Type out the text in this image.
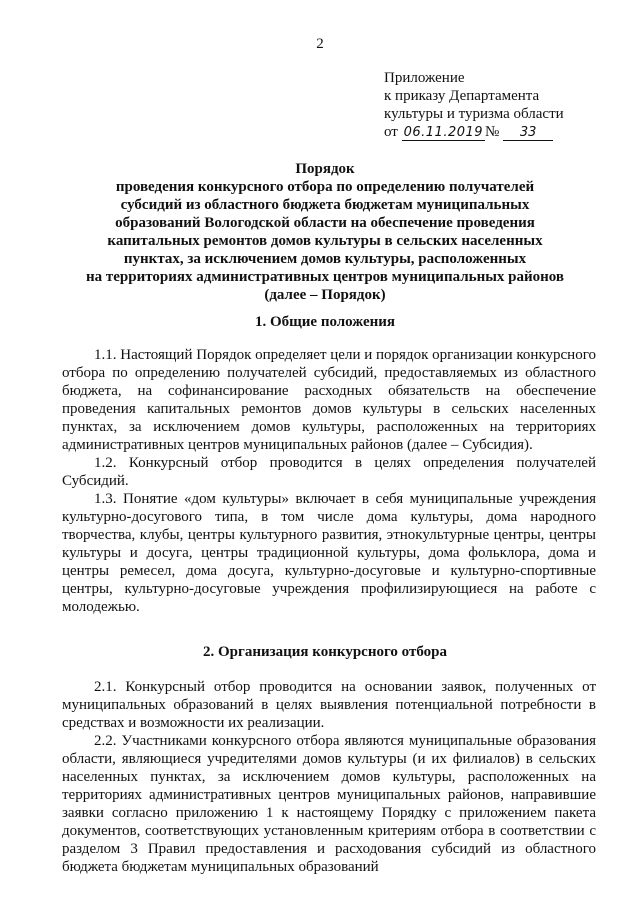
2
Приложение
к приказу Департамента
культуры и туризма области
от 06.11.2019 № 33
Порядок
проведения конкурсного отбора по определению получателей
субсидий из областного бюджета бюджетам муниципальных
образований Вологодской области на обеспечение проведения
капитальных ремонтов домов культуры в сельских населенных
пунктах, за исключением домов культуры, расположенных
на территориях административных центров муниципальных районов
(далее – Порядок)
1. Общие положения

1.1. Настоящий Порядок определяет цели и порядок организации конкурсного отбора по определению получателей субсидий, предоставляемых из областного бюджета, на софинансирование расходных обязательств на обеспечение проведения капитальных ремонтов домов культуры в сельских населенных пунктах, за исключением домов культуры, расположенных на территориях административных центров муниципальных районов (далее – Субсидия).

1.2. Конкурсный отбор проводится в целях определения получателей Субсидий.

1.3. Понятие «дом культуры» включает в себя муниципальные учреждения культурно-досугового типа, в том числе дома культуры, дома народного творчества, клубы, центры культурного развития, этнокультурные центры, центры культуры и досуга, центры традиционной культуры, дома фольклора, дома и центры ремесел, дома досуга, культурно-досуговые и культурно-спортивные центры, культурно-досуговые учреждения профилизирующиеся на работе с молодежью.

2. Организация конкурсного отбора

2.1. Конкурсный отбор проводится на основании заявок, полученных от муниципальных образований в целях выявления потенциальной потребности в средствах и возможности их реализации.

2.2. Участниками конкурсного отбора являются муниципальные образования области, являющиеся учредителями домов культуры (и их филиалов) в сельских населенных пунктах, за исключением домов культуры, расположенных на территориях административных центров муниципальных районов, направившие заявки согласно приложению 1 к настоящему Порядку с приложением пакета документов, соответствующих установленным критериям отбора в соответствии с разделом 3 Правил предоставления и расходования субсидий из областного бюджета бюджетам муниципальных образований
